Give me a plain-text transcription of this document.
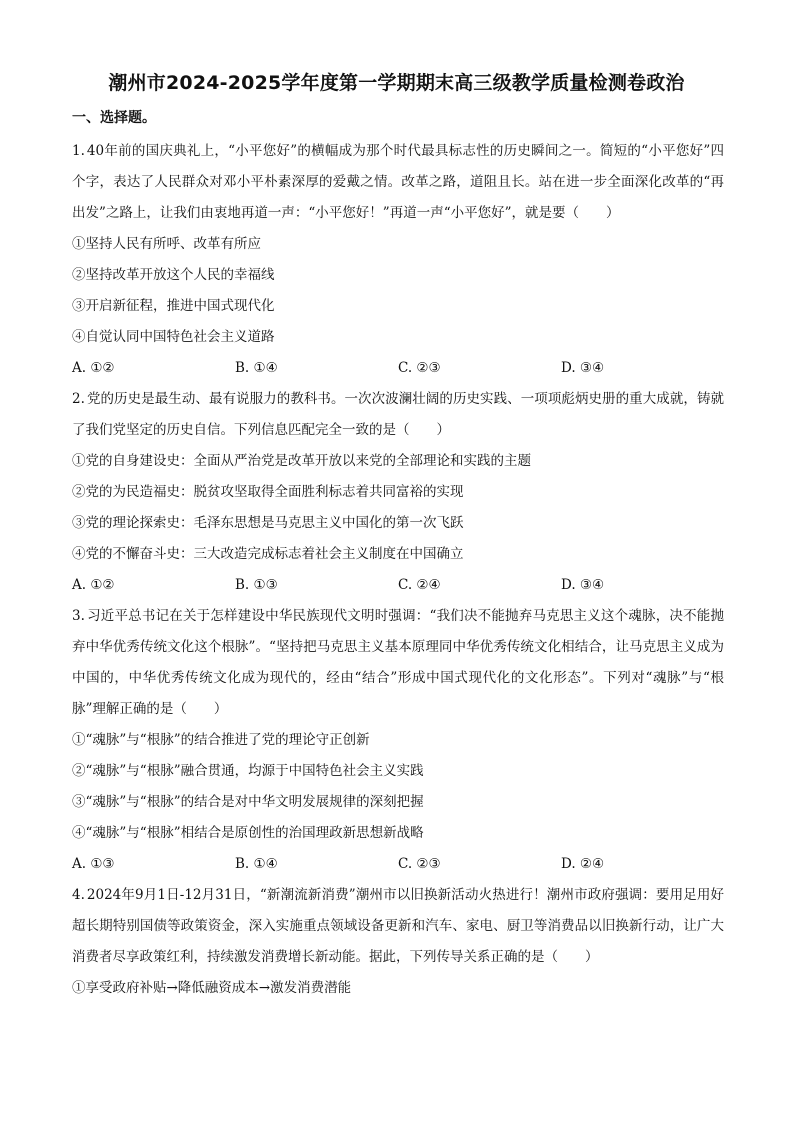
潮州市2024-2025学年度第一学期期末高三级教学质量检测卷政治
一、选择题。

1. 40年前的国庆典礼上，“小平您好”的横幅成为那个时代最具标志性的历史瞬间之一。简短的“小平您好”四个字，表达了人民群众对邓小平朴素深厚的爱戴之情。改革之路，道阻且长。站在进一步全面深化改革的“再出发”之路上，让我们由衷地再道一声：“小平您好！”再道一声“小平您好”，就是要（　　）

①坚持人民有所呼、改革有所应

②坚持改革开放这个人民的幸福线

③开启新征程，推进中国式现代化

④自觉认同中国特色社会主义道路

A. ①②	B. ①④	C. ②③	D. ③④

2. 党的历史是最生动、最有说服力的教科书。一次次波澜壮阔的历史实践、一项项彪炳史册的重大成就，铸就了我们党坚定的历史自信。下列信息匹配完全一致的是（　　）

①党的自身建设史：全面从严治党是改革开放以来党的全部理论和实践的主题

②党的为民造福史：脱贫攻坚取得全面胜利标志着共同富裕的实现

③党的理论探索史：毛泽东思想是马克思主义中国化的第一次飞跃

④党的不懈奋斗史：三大改造完成标志着社会主义制度在中国确立

A. ①②	B. ①③	C. ②④	D. ③④

3. 习近平总书记在关于怎样建设中华民族现代文明时强调：“我们决不能抛弃马克思主义这个魂脉，决不能抛弃中华优秀传统文化这个根脉”。“坚持把马克思主义基本原理同中华优秀传统文化相结合，让马克思主义成为中国的，中华优秀传统文化成为现代的，经由“结合”形成中国式现代化的文化形态”。下列对“魂脉”与“根脉”理解正确的是（　　）

①“魂脉”与“根脉”的结合推进了党的理论守正创新

②“魂脉”与“根脉”融合贯通，均源于中国特色社会主义实践

③“魂脉”与“根脉”的结合是对中华文明发展规律的深刻把握

④“魂脉”与“根脉”相结合是原创性的治国理政新思想新战略

A. ①③	B. ①④	C. ②③	D. ②④

4. 2024年9月1日-12月31日，“新潮流新消费”潮州市以旧换新活动火热进行！潮州市政府强调：要用足用好超长期特别国债等政策资金，深入实施重点领域设备更新和汽车、家电、厨卫等消费品以旧换新行动，让广大消费者尽享政策红利，持续激发消费增长新动能。据此，下列传导关系正确的是（　　）

①享受政府补贴→降低融资成本→激发消费潜能
